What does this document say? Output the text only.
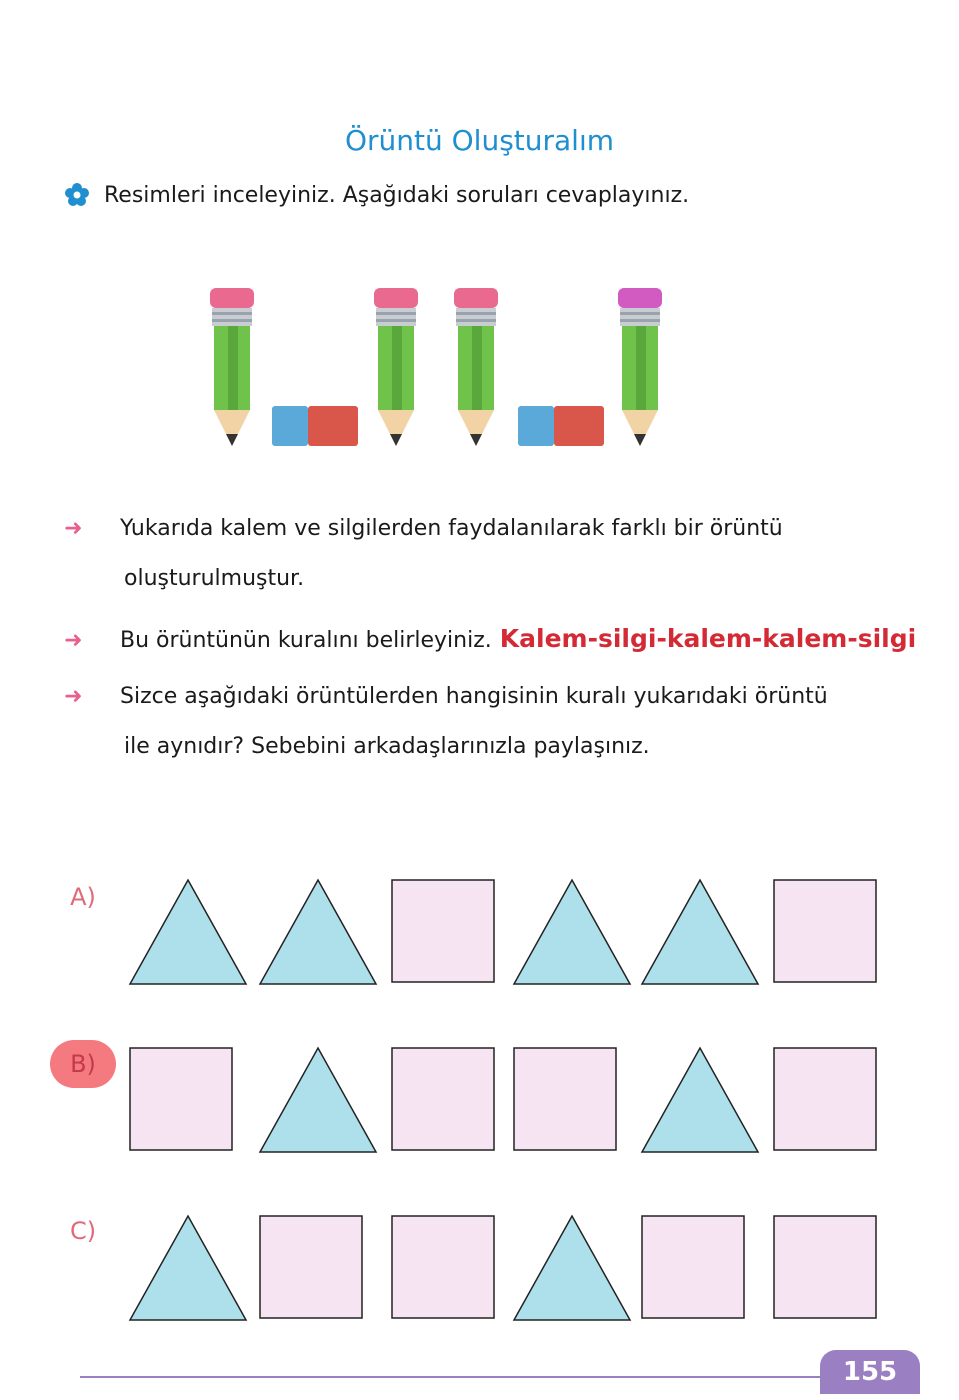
Örüntü Oluşturalım
Resimleri inceleyiniz. Aşağıdaki soruları cevaplayınız.
➜ Yukarıda kalem ve silgilerden faydalanılarak farklı bir örüntü
oluşturulmuştur.
➜ Bu örüntünün kuralını belirleyiniz. Kalem-silgi-kalem-kalem-silgi
➜ Sizce aşağıdaki örüntülerden hangisinin kuralı yukarıdaki örüntü
ile aynıdır? Sebebini arkadaşlarınızla paylaşınız.
A)
B)
C)
155
